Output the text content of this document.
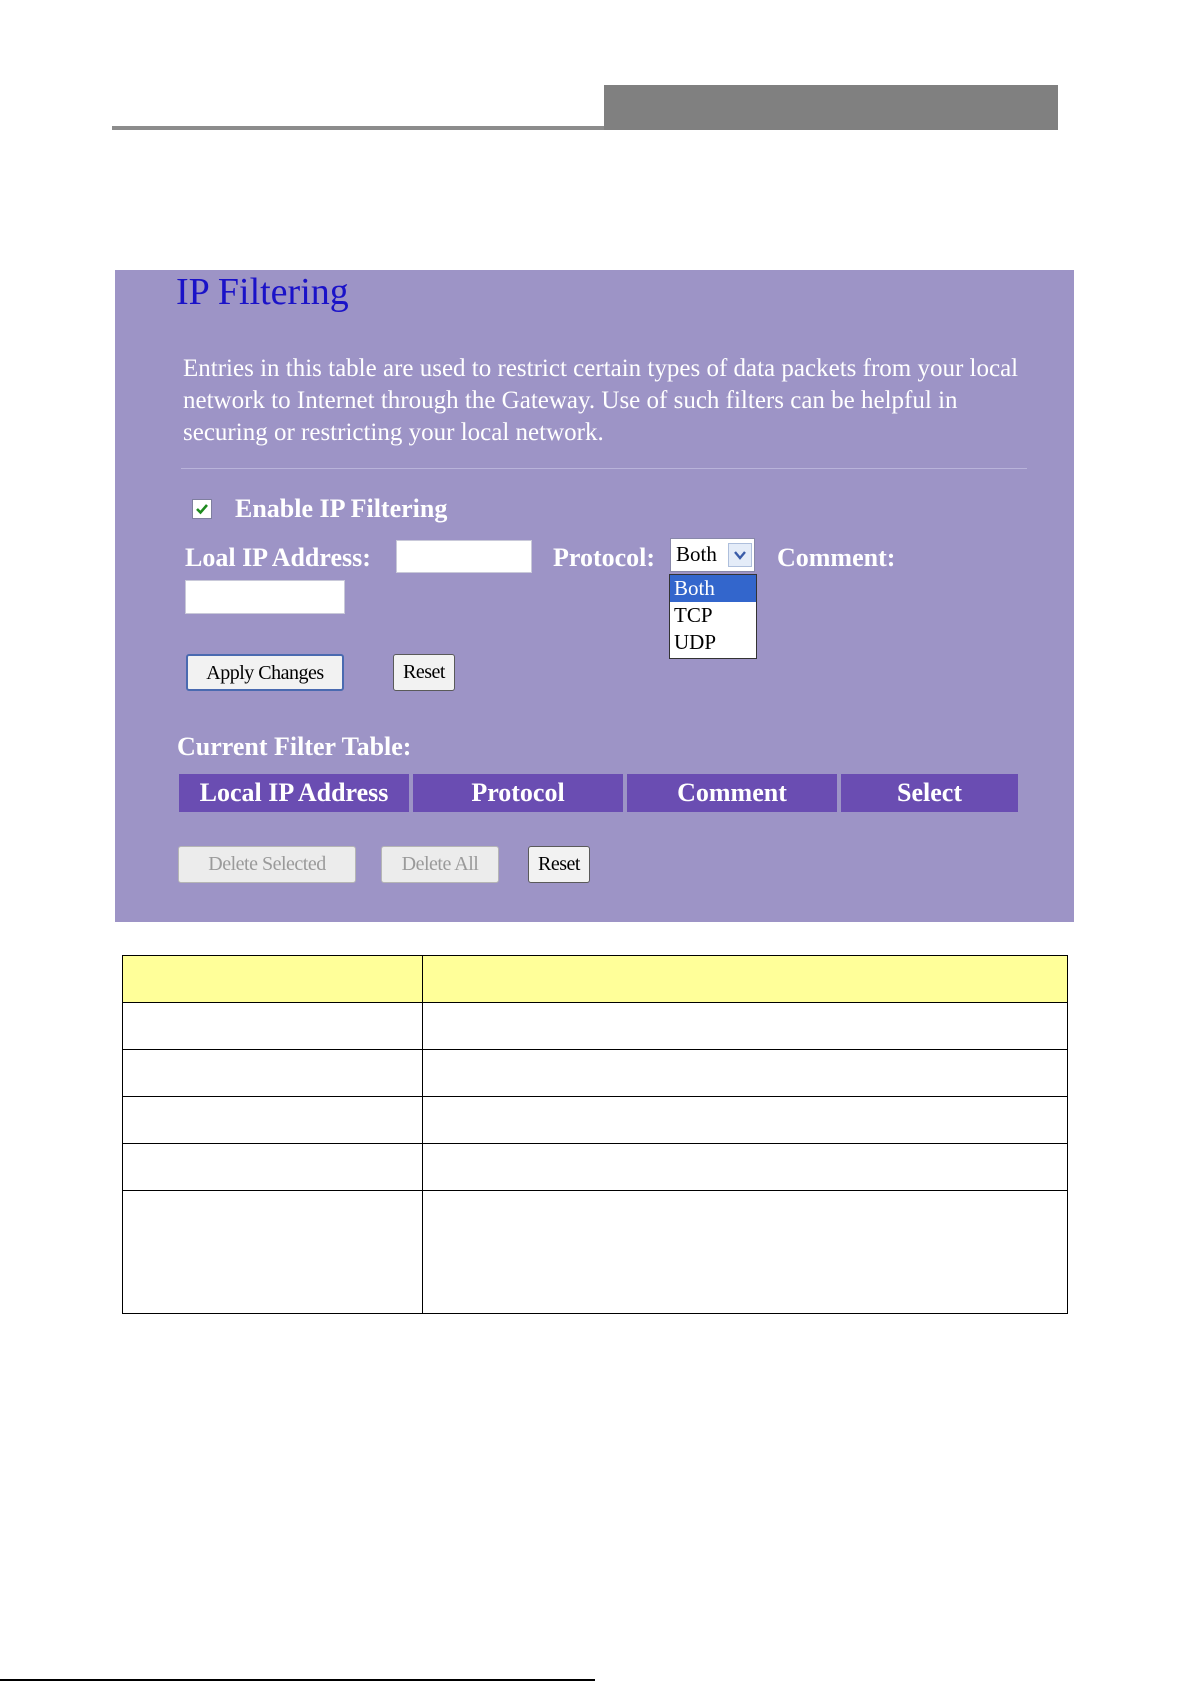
IP Filtering
Entries in this table are used to restrict certain types of data packets from your local network to Internet through the Gateway. Use of such filters can be helpful in securing or restricting your local network.
Enable IP Filtering
Loal IP Address:	Protocol: Both
Both
TCP
UDP
Comment:
Apply Changes	Reset
Current Filter Table:
Local IP Address	Protocol	Comment	Select
Delete Selected	Delete All	Reset
